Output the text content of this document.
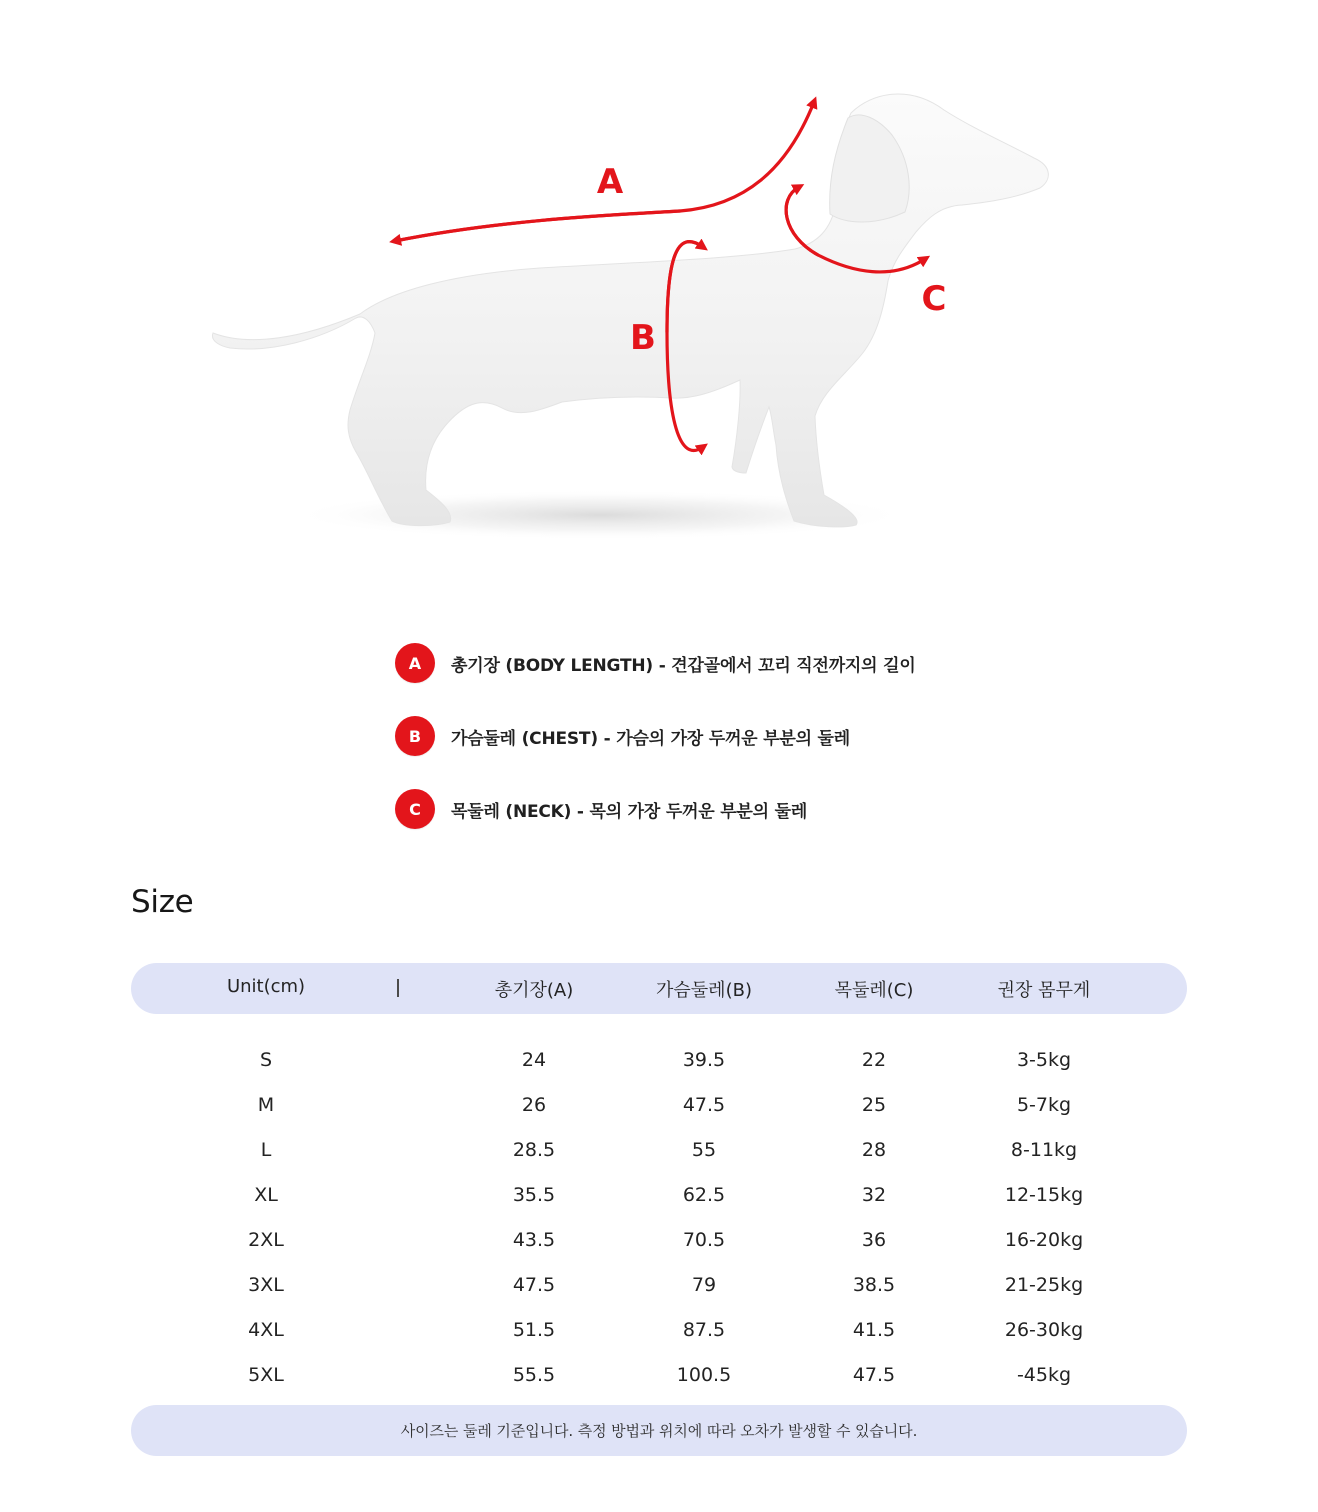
A
B
C
A	총기장 (BODY LENGTH) - 견갑골에서 꼬리 직전까지의 길이
B	가슴둘레 (CHEST) - 가슴의 가장 두꺼운 부분의 둘레
C	목둘레 (NECK) - 목의 가장 두꺼운 부분의 둘레
Size
Unit(cm)	총기장(A)	가슴둘레(B)	목둘레(C)	권장 몸무게
S	24	39.5	22	3-5kg
M	26	47.5	25	5-7kg
L	28.5	55	28	8-11kg
XL	35.5	62.5	32	12-15kg
2XL	43.5	70.5	36	16-20kg
3XL	47.5	79	38.5	21-25kg
4XL	51.5	87.5	41.5	26-30kg
5XL	55.5	100.5	47.5	-45kg
사이즈는 둘레 기준입니다. 측정 방법과 위치에 따라 오차가 발생할 수 있습니다.
